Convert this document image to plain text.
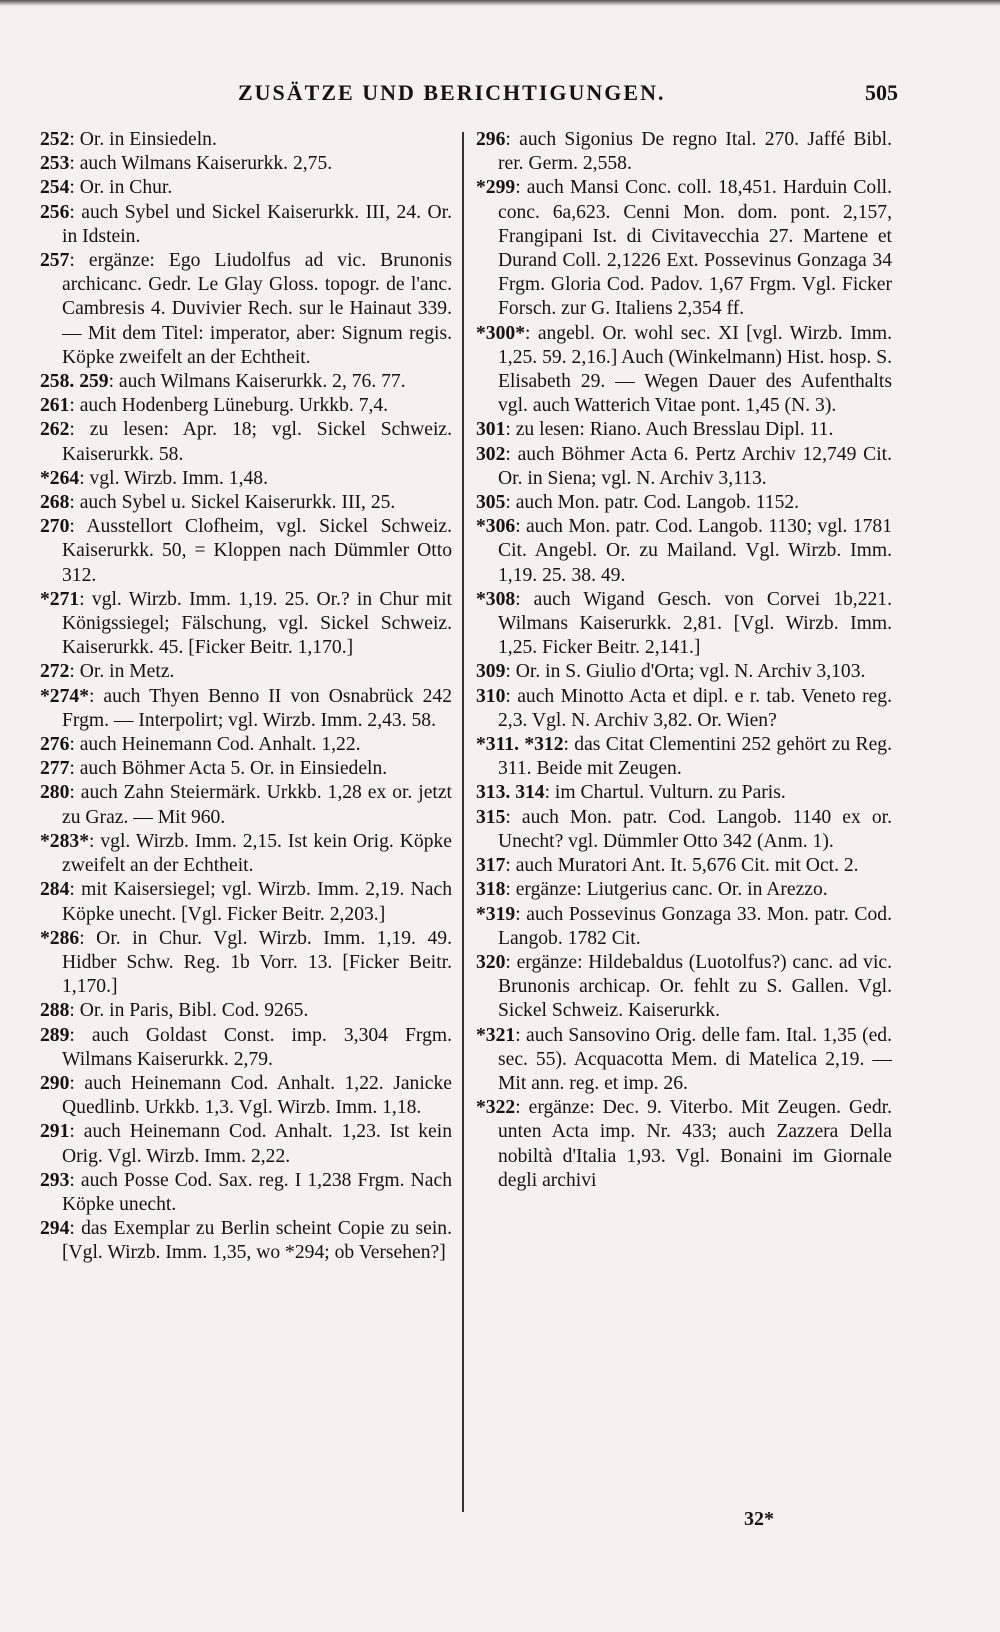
ZUSÄTZE UND BERICHTIGUNGEN.	505
252: Or. in Einsiedeln.
253: auch Wilmans Kaiserurkk. 2,75.
254: Or. in Chur.
256: auch Sybel und Sickel Kaiserurkk. III, 24. Or. in Idstein.
257: ergänze: Ego Liudolfus ad vic. Brunonis archicanc. Gedr. Le Glay Gloss. topogr. de l'anc. Cambresis 4. Duvivier Rech. sur le Hainaut 339. — Mit dem Titel: imperator, aber: Signum regis. Köpke zweifelt an der Echtheit.
258. 259: auch Wilmans Kaiserurkk. 2, 76. 77.
261: auch Hodenberg Lüneburg. Urkkb. 7,4.
262: zu lesen: Apr. 18; vgl. Sickel Schweiz. Kaiserurkk. 58.
*264: vgl. Wirzb. Imm. 1,48.
268: auch Sybel u. Sickel Kaiserurkk. III, 25.
270: Ausstellort Clofheim, vgl. Sickel Schweiz. Kaiserurkk. 50, = Kloppen nach Dümmler Otto 312.
*271: vgl. Wirzb. Imm. 1,19. 25. Or.? in Chur mit Königssiegel; Fälschung, vgl. Sickel Schweiz. Kaiserurkk. 45. [Ficker Beitr. 1,170.]
272: Or. in Metz.
*274*: auch Thyen Benno II von Osnabrück 242 Frgm. — Interpolirt; vgl. Wirzb. Imm. 2,43. 58.
276: auch Heinemann Cod. Anhalt. 1,22.
277: auch Böhmer Acta 5. Or. in Einsiedeln.
280: auch Zahn Steiermärk. Urkkb. 1,28 ex or. jetzt zu Graz. — Mit 960.
*283*: vgl. Wirzb. Imm. 2,15. Ist kein Orig. Köpke zweifelt an der Echtheit.
284: mit Kaisersiegel; vgl. Wirzb. Imm. 2,19. Nach Köpke unecht. [Vgl. Ficker Beitr. 2,203.]
*286: Or. in Chur. Vgl. Wirzb. Imm. 1,19. 49. Hidber Schw. Reg. 1b Vorr. 13. [Ficker Beitr. 1,170.]
288: Or. in Paris, Bibl. Cod. 9265.
289: auch Goldast Const. imp. 3,304 Frgm. Wilmans Kaiserurkk. 2,79.
290: auch Heinemann Cod. Anhalt. 1,22. Janicke Quedlinb. Urkkb. 1,3. Vgl. Wirzb. Imm. 1,18.
291: auch Heinemann Cod. Anhalt. 1,23. Ist kein Orig. Vgl. Wirzb. Imm. 2,22.
293: auch Posse Cod. Sax. reg. I 1,238 Frgm. Nach Köpke unecht.
294: das Exemplar zu Berlin scheint Copie zu sein. [Vgl. Wirzb. Imm. 1,35, wo *294; ob Versehen?]
296: auch Sigonius De regno Ital. 270. Jaffé Bibl. rer. Germ. 2,558.
*299: auch Mansi Conc. coll. 18,451. Harduin Coll. conc. 6a,623. Cenni Mon. dom. pont. 2,157, Frangipani Ist. di Civitavecchia 27. Martene et Durand Coll. 2,1226 Ext. Possevinus Gonzaga 34 Frgm. Gloria Cod. Padov. 1,67 Frgm. Vgl. Ficker Forsch. zur G. Italiens 2,354 ff.
*300*: angebl. Or. wohl sec. XI [vgl. Wirzb. Imm. 1,25. 59. 2,16.] Auch (Winkelmann) Hist. hosp. S. Elisabeth 29. — Wegen Dauer des Aufenthalts vgl. auch Watterich Vitae pont. 1,45 (N. 3).
301: zu lesen: Riano. Auch Bresslau Dipl. 11.
302: auch Böhmer Acta 6. Pertz Archiv 12,749 Cit. Or. in Siena; vgl. N. Archiv 3,113.
305: auch Mon. patr. Cod. Langob. 1152.
*306: auch Mon. patr. Cod. Langob. 1130; vgl. 1781 Cit. Angebl. Or. zu Mailand. Vgl. Wirzb. Imm. 1,19. 25. 38. 49.
*308: auch Wigand Gesch. von Corvei 1b,221. Wilmans Kaiserurkk. 2,81. [Vgl. Wirzb. Imm. 1,25. Ficker Beitr. 2,141.]
309: Or. in S. Giulio d'Orta; vgl. N. Archiv 3,103.
310: auch Minotto Acta et dipl. e r. tab. Veneto reg. 2,3. Vgl. N. Archiv 3,82. Or. Wien?
*311. *312: das Citat Clementini 252 gehört zu Reg. 311. Beide mit Zeugen.
313. 314: im Chartul. Vulturn. zu Paris.
315: auch Mon. patr. Cod. Langob. 1140 ex or. Unecht? vgl. Dümmler Otto 342 (Anm. 1).
317: auch Muratori Ant. It. 5,676 Cit. mit Oct. 2.
318: ergänze: Liutgerius canc. Or. in Arezzo.
*319: auch Possevinus Gonzaga 33. Mon. patr. Cod. Langob. 1782 Cit.
320: ergänze: Hildebaldus (Luotolfus?) canc. ad vic. Brunonis archicap. Or. fehlt zu S. Gallen. Vgl. Sickel Schweiz. Kaiserurkk.
*321: auch Sansovino Orig. delle fam. Ital. 1,35 (ed. sec. 55). Acquacotta Mem. di Matelica 2,19. — Mit ann. reg. et imp. 26.
*322: ergänze: Dec. 9. Viterbo. Mit Zeugen. Gedr. unten Acta imp. Nr. 433; auch Zazzera Della nobiltà d'Italia 1,93. Vgl. Bonaini im Giornale degli archivi
32*
